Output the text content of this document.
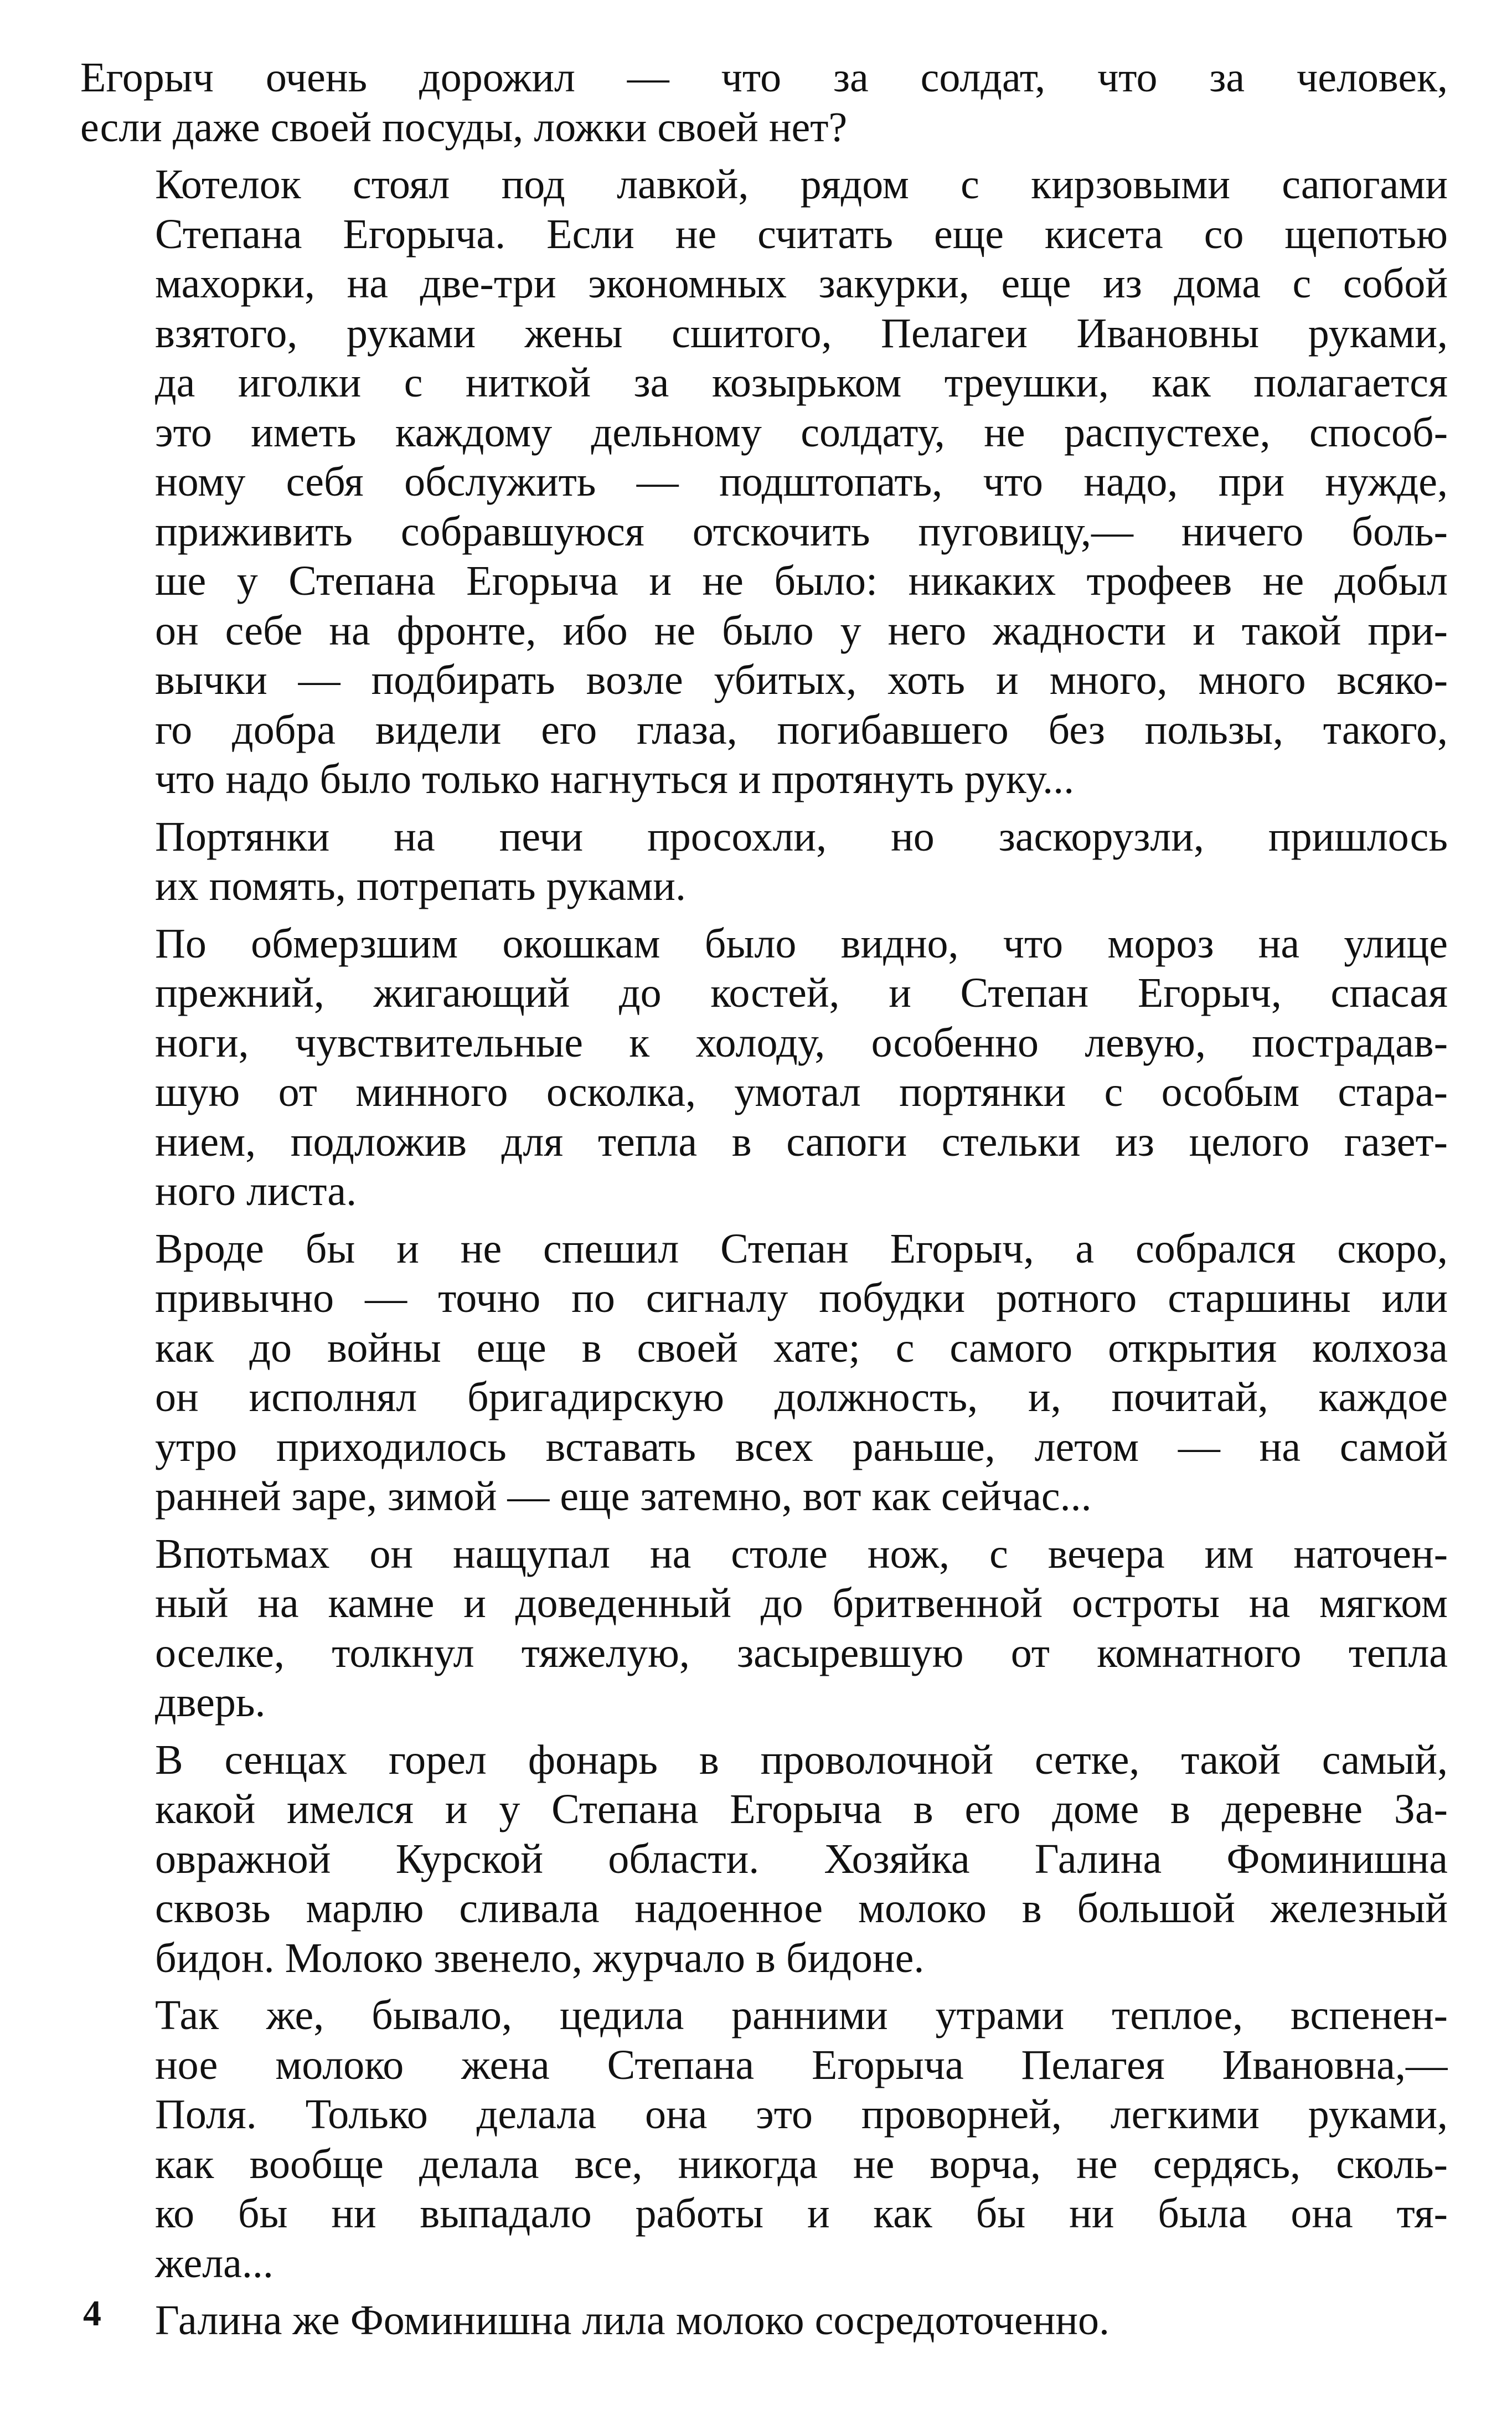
Егорыч очень дорожил — что за солдат, что за человек,
если даже своей посуды, ложки своей нет?
Котелок стоял под лавкой, рядом с кирзовыми сапогами
Степана Егорыча. Если не считать еще кисета со щепотью
махорки, на две-три экономных закурки, еще из дома с собой
взятого, руками жены сшитого, Пелагеи Ивановны руками,
да иголки с ниткой за козырьком треушки, как полагается
это иметь каждому дельному солдату, не распустехе, способ-
ному себя обслужить — подштопать, что надо, при нужде,
приживить собравшуюся отскочить пуговицу,— ничего боль-
ше у Степана Егорыча и не было: никаких трофеев не добыл
он себе на фронте, ибо не было у него жадности и такой при-
вычки — подбирать возле убитых, хоть и много, много всяко-
го добра видели его глаза, погибавшего без пользы, такого,
что надо было только нагнуться и протянуть руку...
Портянки на печи просохли, но заскорузли, пришлось
их помять, потрепать руками.
По обмерзшим окошкам было видно, что мороз на улице
прежний, жигающий до костей, и Степан Егорыч, спасая
ноги, чувствительные к холоду, особенно левую, пострадав-
шую от минного осколка, умотал портянки с особым стара-
нием, подложив для тепла в сапоги стельки из целого газет-
ного листа.
Вроде бы и не спешил Степан Егорыч, а собрался скоро,
привычно — точно по сигналу побудки ротного старшины или
как до войны еще в своей хате; с самого открытия колхоза
он исполнял бригадирскую должность, и, почитай, каждое
утро приходилось вставать всех раньше, летом — на самой
ранней заре, зимой — еще затемно, вот как сейчас...
Впотьмах он нащупал на столе нож, с вечера им наточен-
ный на камне и доведенный до бритвенной остроты на мягком
оселке, толкнул тяжелую, засыревшую от комнатного тепла
дверь.
В сенцах горел фонарь в проволочной сетке, такой самый,
какой имелся и у Степана Егорыча в его доме в деревне За-
овражной Курской области. Хозяйка Галина Фоминишна
сквозь марлю сливала надоенное молоко в большой железный
бидон. Молоко звенело, журчало в бидоне.
Так же, бывало, цедила ранними утрами теплое, вспенен-
ное молоко жена Степана Егорыча Пелагея Ивановна,—
Поля. Только делала она это проворней, легкими руками,
как вообще делала все, никогда не ворча, не сердясь, сколь-
ко бы ни выпадало работы и как бы ни была она тя-
жела...
Галина же Фоминишна лила молоко сосредоточенно.
4
